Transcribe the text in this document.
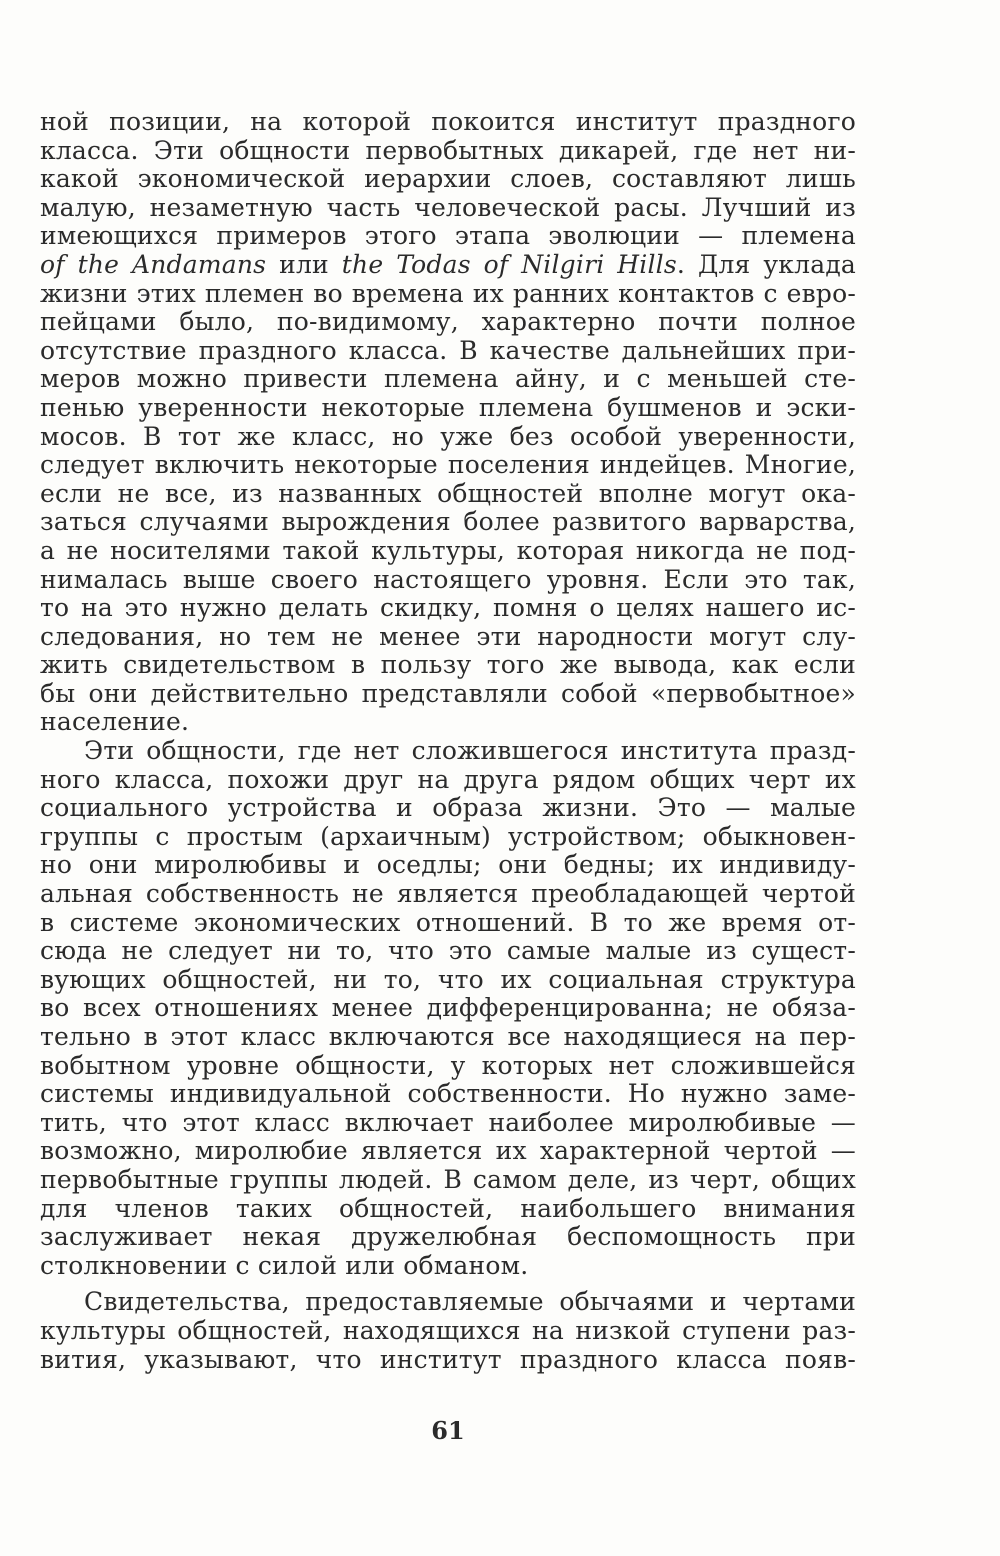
ной позиции, на которой покоится институт праздного
класса. Эти общности первобытных дикарей, где нет ни-
какой экономической иерархии слоев, составляют лишь
малую, незаметную часть человеческой расы. Лучший из
имеющихся примеров этого этапа эволюции — племена
of the Andamans или the Todas of Nilgiri Hills. Для уклада
жизни этих племен во времена их ранних контактов с евро-
пейцами было, по-видимому, характерно почти полное
отсутствие праздного класса. В качестве дальнейших при-
меров можно привести племена айну, и с меньшей сте-
пенью уверенности некоторые племена бушменов и эски-
мосов. В тот же класс, но уже без особой уверенности,
следует включить некоторые поселения индейцев. Многие,
если не все, из названных общностей вполне могут ока-
заться случаями вырождения более развитого варварства,
а не носителями такой культуры, которая никогда не под-
нималась выше своего настоящего уровня. Если это так,
то на это нужно делать скидку, помня о целях нашего ис-
следования, но тем не менее эти народности могут слу-
жить свидетельством в пользу того же вывода, как если
бы они действительно представляли собой «первобытное»
население.
Эти общности, где нет сложившегося института празд-
ного класса, похожи друг на друга рядом общих черт их
социального устройства и образа жизни. Это — малые
группы с простым (архаичным) устройством; обыкновен-
но они миролюбивы и оседлы; они бедны; их индивиду-
альная собственность не является преобладающей чертой
в системе экономических отношений. В то же время от-
сюда не следует ни то, что это самые малые из сущест-
вующих общностей, ни то, что их социальная структура
во всех отношениях менее дифференцированна; не обяза-
тельно в этот класс включаются все находящиеся на пер-
вобытном уровне общности, у которых нет сложившейся
системы индивидуальной собственности. Но нужно заме-
тить, что этот класс включает наиболее миролюбивые —
возможно, миролюбие является их характерной чертой —
первобытные группы людей. В самом деле, из черт, общих
для членов таких общностей, наибольшего внимания
заслуживает некая дружелюбная беспомощность при
столкновении с силой или обманом.
Свидетельства, предоставляемые обычаями и чертами
культуры общностей, находящихся на низкой ступени раз-
вития, указывают, что институт праздного класса появ-
61
